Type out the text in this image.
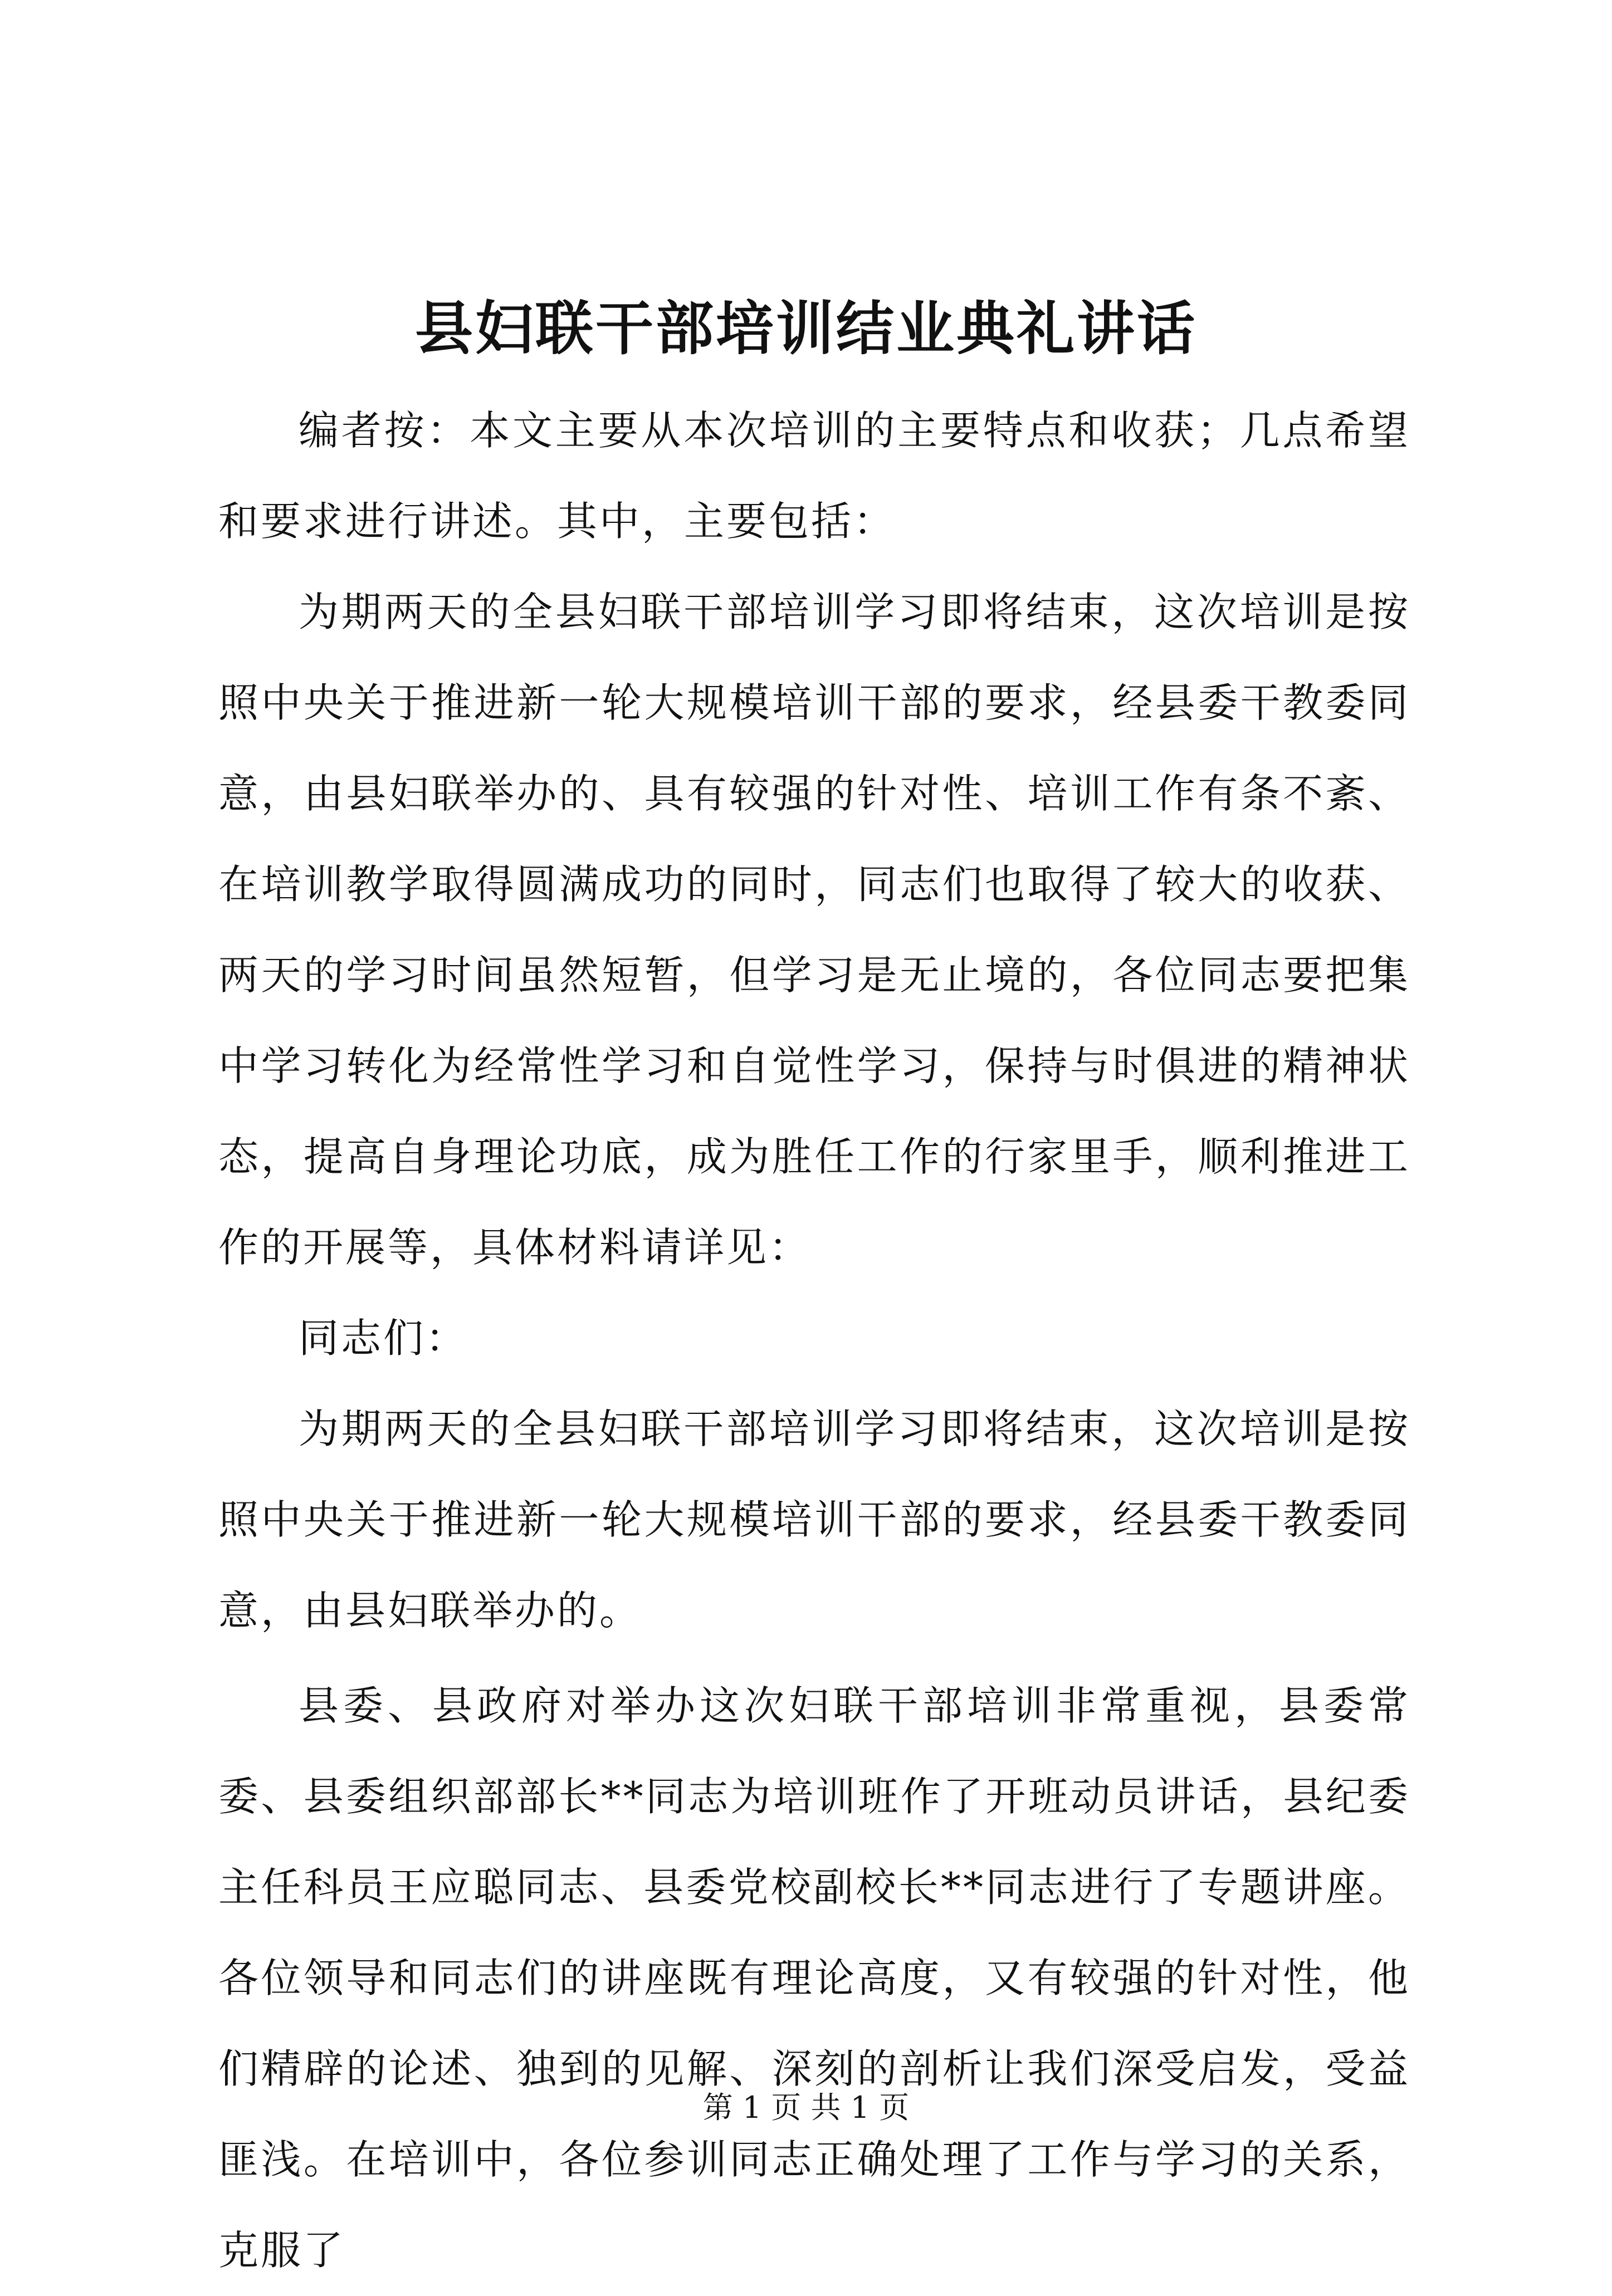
县妇联干部培训结业典礼讲话

编者按：本文主要从本次培训的主要特点和收获；几点希望和要求进行讲述。其中，主要包括：

为期两天的全县妇联干部培训学习即将结束，这次培训是按照中央关于推进新一轮大规模培训干部的要求，经县委干教委同意，由县妇联举办的、具有较强的针对性、培训工作有条不紊、在培训教学取得圆满成功的同时，同志们也取得了较大的收获、两天的学习时间虽然短暂，但学习是无止境的，各位同志要把集中学习转化为经常性学习和自觉性学习，保持与时俱进的精神状态，提高自身理论功底，成为胜任工作的行家里手，顺利推进工作的开展等，具体材料请详见：

同志们：

为期两天的全县妇联干部培训学习即将结束，这次培训是按照中央关于推进新一轮大规模培训干部的要求，经县委干教委同意，由县妇联举办的。

县委、县政府对举办这次妇联干部培训非常重视，县委常委、县委组织部部长**同志为培训班作了开班动员讲话，县纪委主任科员王应聪同志、县委党校副校长**同志进行了专题讲座。各位领导和同志们的讲座既有理论高度，又有较强的针对性，他们精辟的论述、独到的见解、深刻的剖析让我们深受启发，受益匪浅。在培训中，各位参训同志正确处理了工作与学习的关系，克服了

第 1 页 共 1 页
